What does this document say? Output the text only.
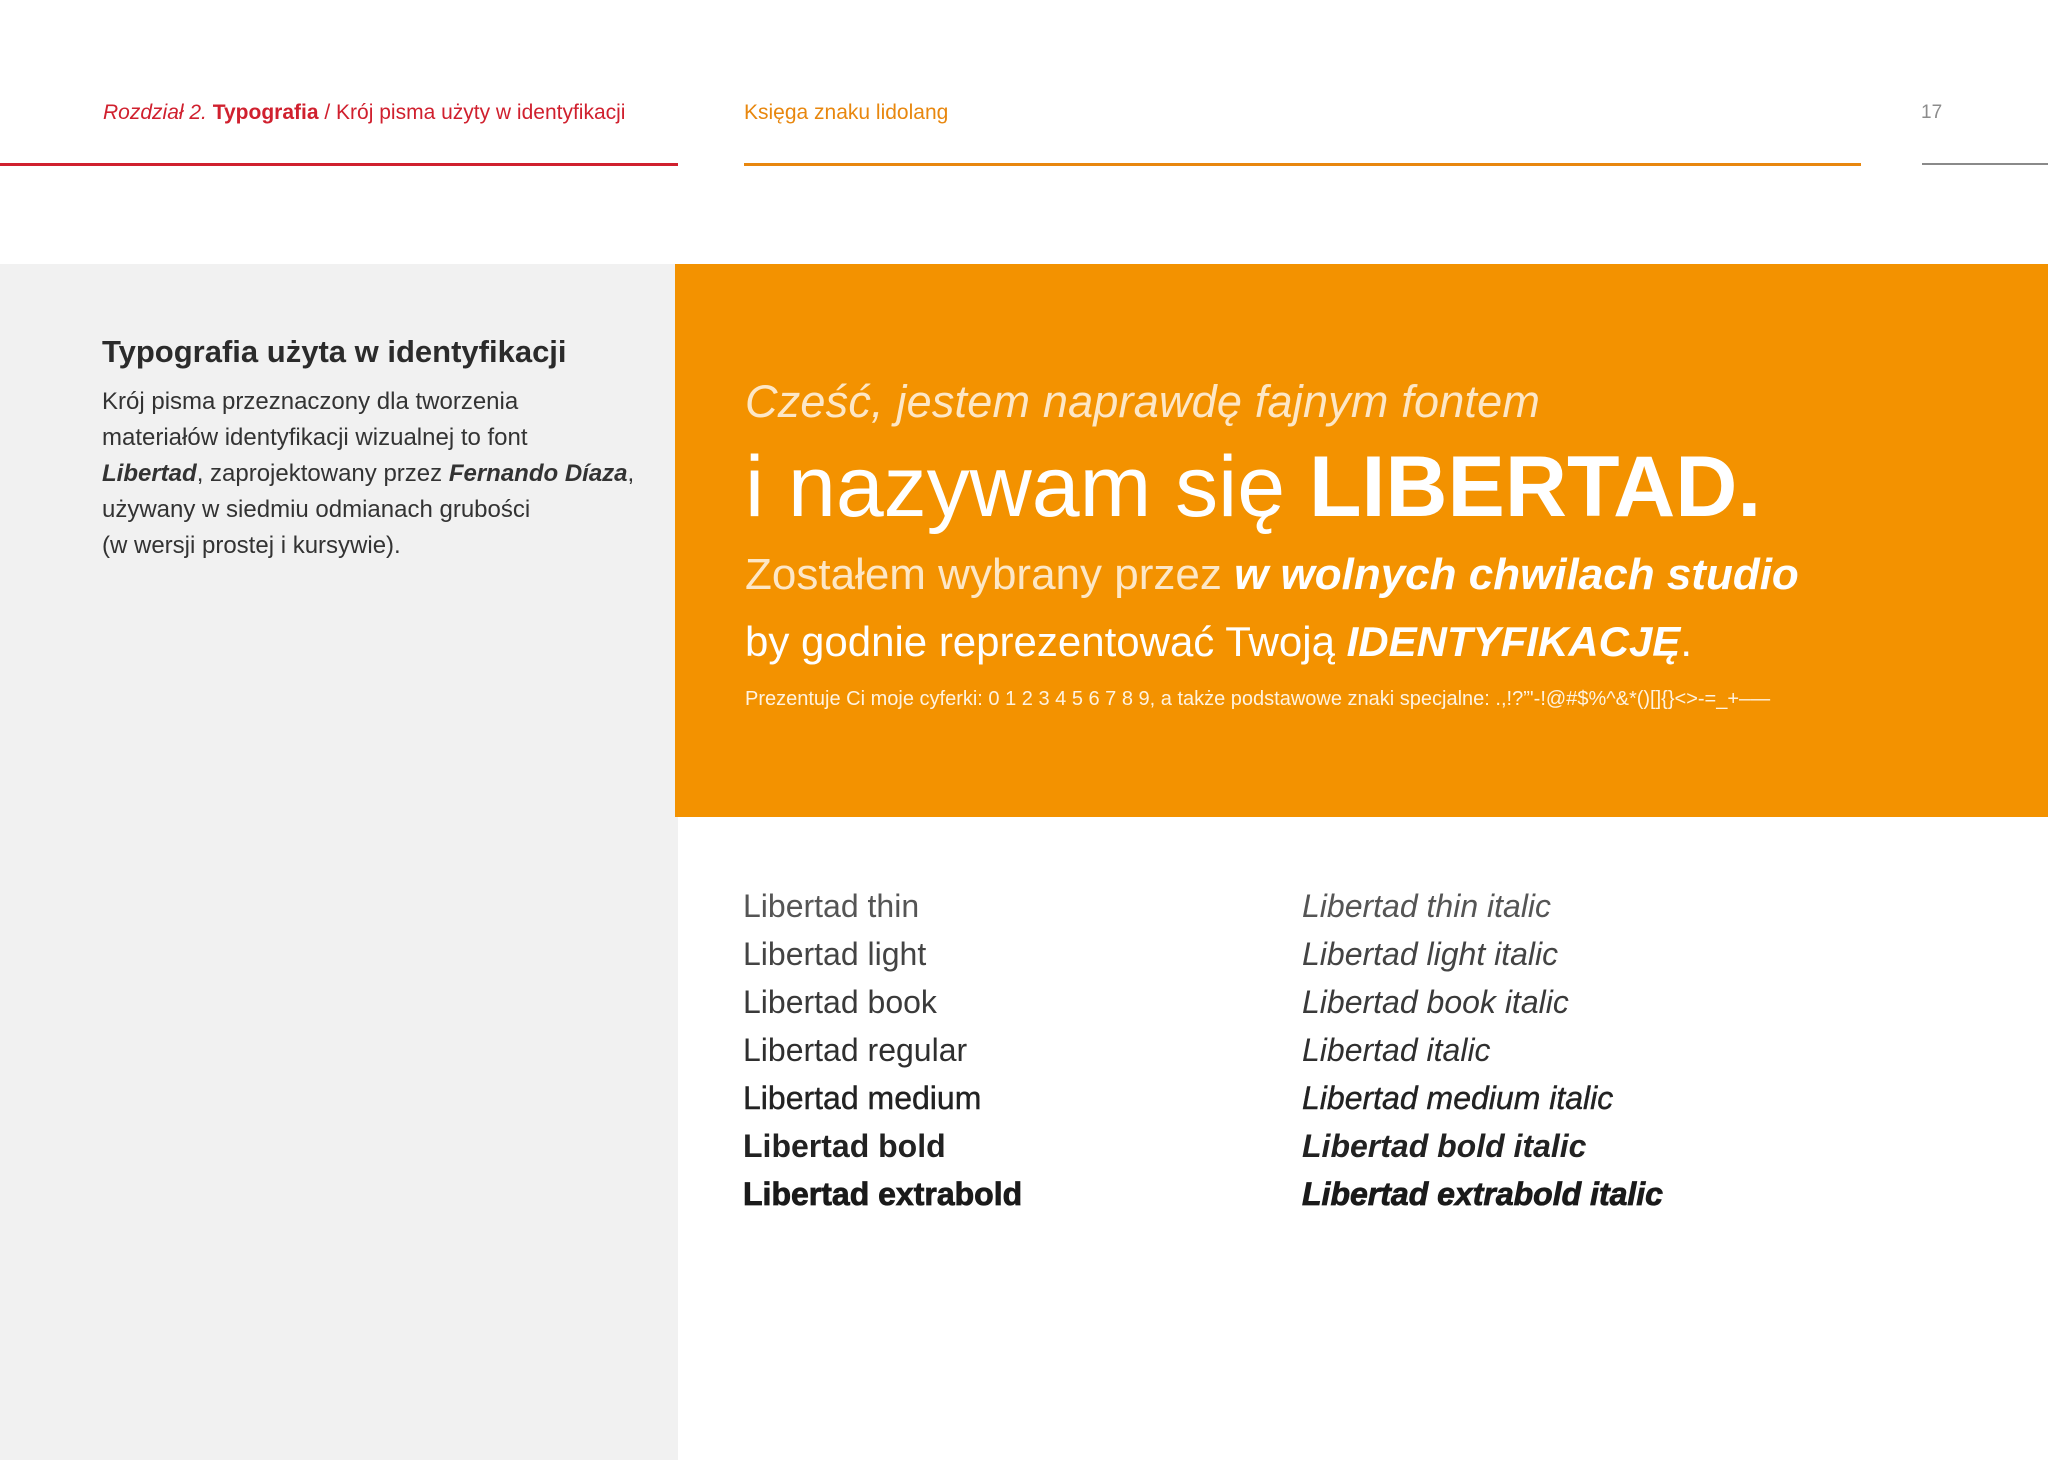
Rozdział 2. Typografia / Krój pisma użyty w identyfikacji	Księga znaku lidolang	17
Typografia użyta w identyfikacji

Krój pisma przeznaczony dla tworzenia

materiałów identyfikacji wizualnej to font

Libertad, zaprojektowany przez Fernando Díaza,

używany w siedmiu odmianach grubości

(w wersji prostej i kursywie).

Cześć, jestem naprawdę fajnym fontem
i nazywam się LIBERTAD.
Zostałem wybrany przez w wolnych chwilach studio
by godnie reprezentować Twoją IDENTYFIKACJĘ.
Prezentuje Ci moje cyferki: 0 1 2 3 4 5 6 7 8 9, a także podstawowe znaki specjalne: .,!?”'-!@#$%^&*()[]{}<>-=_+–—
Libertad thin
Libertad light
Libertad book
Libertad regular
Libertad medium
Libertad bold
Libertad extrabold
Libertad thin italic
Libertad light italic
Libertad book italic
Libertad italic
Libertad medium italic
Libertad bold italic
Libertad extrabold italic
